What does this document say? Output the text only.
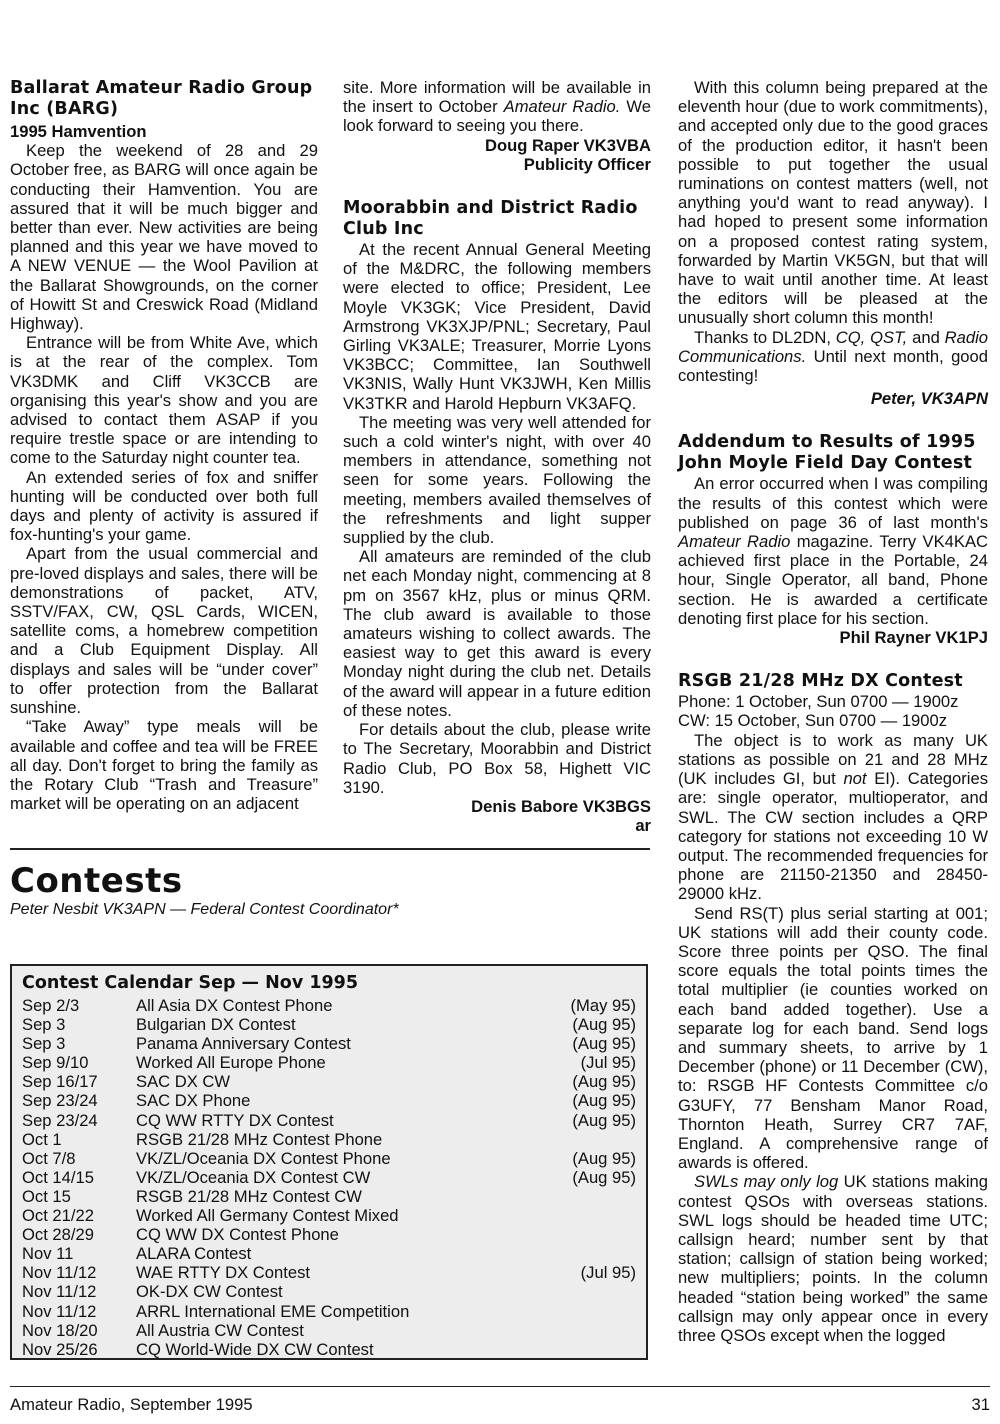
Ballarat Amateur Radio Group Inc (BARG)
1995 Hamvention

Keep the weekend of 28 and 29 October free, as BARG will once again be conducting their Hamvention. You are assured that it will be much bigger and better than ever. New activities are being planned and this year we have moved to A NEW VENUE — the Wool Pavilion at the Ballarat Showgrounds, on the corner of Howitt St and Creswick Road (Midland Highway).

Entrance will be from White Ave, which is at the rear of the complex. Tom VK3DMK and Cliff VK3CCB are organising this year's show and you are advised to contact them ASAP if you require trestle space or are intending to come to the Saturday night counter tea.

An extended series of fox and sniffer hunting will be conducted over both full days and plenty of activity is assured if fox-hunting's your game.

Apart from the usual commercial and pre-loved displays and sales, there will be demonstrations of packet, ATV, SSTV/FAX, CW, QSL Cards, WICEN, satellite coms, a homebrew competition and a Club Equipment Display. All displays and sales will be “under cover” to offer protection from the Ballarat sunshine.

“Take Away” type meals will be available and coffee and tea will be FREE all day. Don't forget to bring the family as the Rotary Club “Trash and Treasure” market will be operating on an adjacent

site. More information will be available in the insert to October Amateur Radio. We look forward to seeing you there.

Doug Raper VK3VBA
Publicity Officer
Moorabbin and District Radio Club Inc

At the recent Annual General Meeting of the M&DRC, the following members were elected to office; President, Lee Moyle VK3GK; Vice President, David Armstrong VK3XJP/PNL; Secretary, Paul Girling VK3ALE; Treasurer, Morrie Lyons VK3BCC; Committee, Ian Southwell VK3NIS, Wally Hunt VK3JWH, Ken Millis VK3TKR and Harold Hepburn VK3AFQ.

The meeting was very well attended for such a cold winter's night, with over 40 members in attendance, something not seen for some years. Following the meeting, members availed themselves of the refreshments and light supper supplied by the club.

All amateurs are reminded of the club net each Monday night, commencing at 8 pm on 3567 kHz, plus or minus QRM. The club award is available to those amateurs wishing to collect awards. The easiest way to get this award is every Monday night during the club net. Details of the award will appear in a future edition of these notes.

For details about the club, please write to The Secretary, Moorabbin and District Radio Club, PO Box 58, Highett VIC 3190.

Denis Babore VK3BGS
ar

With this column being prepared at the eleventh hour (due to work commitments), and accepted only due to the good graces of the production editor, it hasn't been possible to put together the usual ruminations on contest matters (well, not anything you'd want to read anyway). I had hoped to present some information on a proposed contest rating system, forwarded by Martin VK5GN, but that will have to wait until another time. At least the editors will be pleased at the unusually short column this month!

Thanks to DL2DN, CQ, QST, and Radio Communications. Until next month, good contesting!

Peter, VK3APN
Addendum to Results of 1995 John Moyle Field Day Contest

An error occurred when I was compiling the results of this contest which were published on page 36 of last month's Amateur Radio magazine. Terry VK4KAC achieved first place in the Portable, 24 hour, Single Operator, all band, Phone section. He is awarded a certificate denoting first place for his section.

Phil Rayner VK1PJ
RSGB 21/28 MHz DX Contest
Phone: 1 October, Sun 0700 — 1900z
CW: 15 October, Sun 0700 — 1900z

The object is to work as many UK stations as possible on 21 and 28 MHz (UK includes GI, but not EI). Categories are: single operator, multioperator, and SWL. The CW section includes a QRP category for stations not exceeding 10 W output. The recommended frequencies for phone are 21150-21350 and 28450-29000 kHz.

Send RS(T) plus serial starting at 001; UK stations will add their county code. Score three points per QSO. The final score equals the total points times the total multiplier (ie counties worked on each band added together). Use a separate log for each band. Send logs and summary sheets, to arrive by 1 December (phone) or 11 December (CW), to: RSGB HF Contests Committee c/o G3UFY, 77 Bensham Manor Road, Thornton Heath, Surrey CR7 7AF, England. A comprehensive range of awards is offered.

SWLs may only log UK stations making contest QSOs with overseas stations. SWL logs should be headed time UTC; callsign heard; number sent by that station; callsign of station being worked; new multipliers; points. In the column headed “station being worked” the same callsign may only appear once in every three QSOs except when the logged

Contests
Peter Nesbit VK3APN — Federal Contest Coordinator*
Contest Calendar Sep — Nov 1995
Sep 2/3	All Asia DX Contest Phone	(May 95)
Sep 3	Bulgarian DX Contest	(Aug 95)
Sep 3	Panama Anniversary Contest	(Aug 95)
Sep 9/10	Worked All Europe Phone	(Jul 95)
Sep 16/17	SAC DX CW	(Aug 95)
Sep 23/24	SAC DX Phone	(Aug 95)
Sep 23/24	CQ WW RTTY DX Contest	(Aug 95)
Oct 1	RSGB 21/28 MHz Contest Phone
Oct 7/8	VK/ZL/Oceania DX Contest Phone	(Aug 95)
Oct 14/15	VK/ZL/Oceania DX Contest CW	(Aug 95)
Oct 15	RSGB 21/28 MHz Contest CW
Oct 21/22	Worked All Germany Contest Mixed
Oct 28/29	CQ WW DX Contest Phone
Nov 11	ALARA Contest
Nov 11/12	WAE RTTY DX Contest	(Jul 95)
Nov 11/12	OK-DX CW Contest
Nov 11/12	ARRL International EME Competition
Nov 18/20	All Austria CW Contest
Nov 25/26	CQ World-Wide DX CW Contest
Amateur Radio, September 1995	31
